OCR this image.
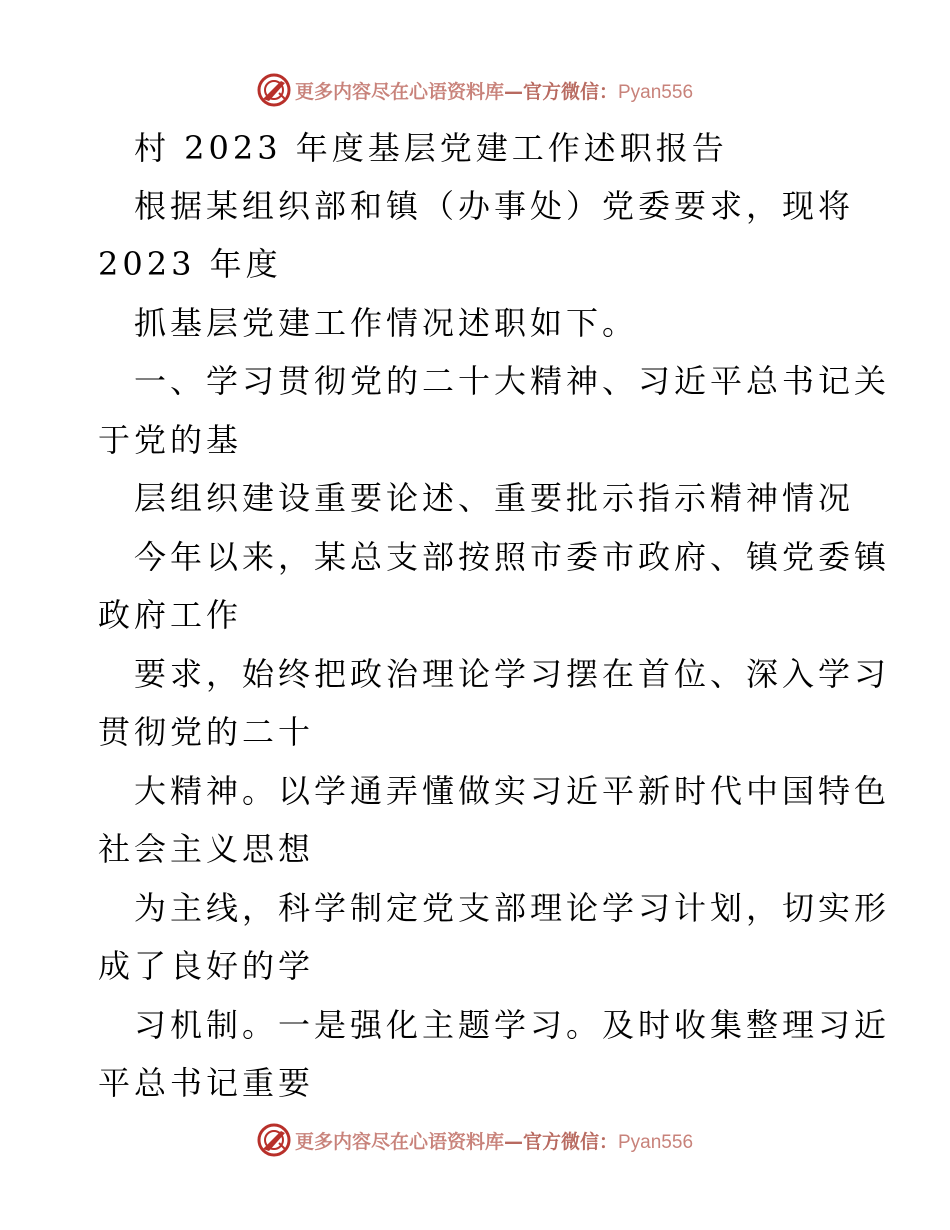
更多内容尽在心语资料库—官方微信：Pyan556
村 2023 年度基层党建工作述职报告
根据某组织部和镇（办事处）党委要求，现将
2023 年度
抓基层党建工作情况述职如下。
一、学习贯彻党的二十大精神、习近平总书记关
于党的基
层组织建设重要论述、重要批示指示精神情况
今年以来，某总支部按照市委市政府、镇党委镇
政府工作
要求，始终把政治理论学习摆在首位、深入学习
贯彻党的二十
大精神。以学通弄懂做实习近平新时代中国特色
社会主义思想
为主线，科学制定党支部理论学习计划，切实形
成了良好的学
习机制。一是强化主题学习。及时收集整理习近
平总书记重要
更多内容尽在心语资料库—官方微信：Pyan556
